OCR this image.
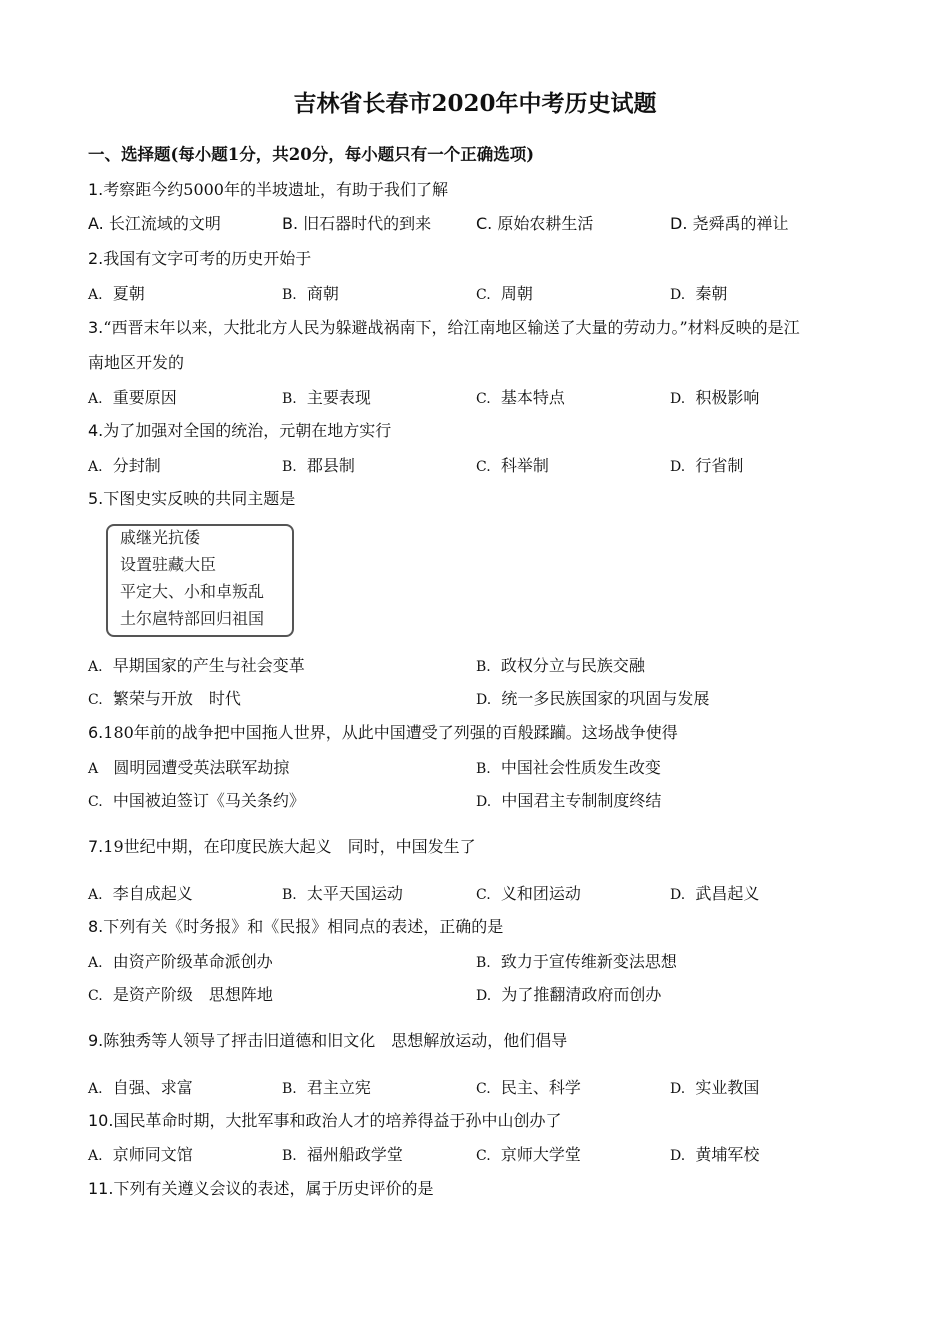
吉林省长春市2020年中考历史试题
一、选择题(每小题1分，共20分，每小题只有一个正确选项)
1.考察距今约5000年的半坡遗址，有助于我们了解
A. 长江流域的文明	B. 旧石器时代的到来	C. 原始农耕生活	D. 尧舜禹的禅让
2.我国有文字可考的历史开始于
A. 夏朝	B. 商朝	C. 周朝	D. 秦朝
3.“西晋末年以来，大批北方人民为躲避战祸南下，给江南地区输送了大量的劳动力。”材料反映的是江
南地区开发的
A. 重要原因	B. 主要表现	C. 基本特点	D. 积极影响
4.为了加强对全国的统治，元朝在地方实行
A. 分封制	B. 郡县制	C. 科举制	D. 行省制
5.下图史实反映的共同主题是
戚继光抗倭
设置驻藏大臣
平定大、小和卓叛乱
土尔扈特部回归祖国
A. 早期国家的产生与社会变革	B. 政权分立与民族交融
C. 繁荣与开放　时代	D. 统一多民族国家的巩固与发展
6.180年前的战争把中国拖人世界，从此中国遭受了列强的百般蹂躏。这场战争使得
A 圆明园遭受英法联军劫掠	B. 中国社会性质发生改变
C. 中国被迫签订《马关条约》	D. 中国君主专制制度终结
7.19世纪中期，在印度民族大起义　同时，中国发生了
A. 李自成起义	B. 太平天国运动	C. 义和团运动	D. 武昌起义
8.下列有关《时务报》和《民报》相同点的表述，正确的是
A. 由资产阶级革命派创办	B. 致力于宣传维新变法思想
C. 是资产阶级　思想阵地	D. 为了推翻清政府而创办
9.陈独秀等人领导了抨击旧道德和旧文化　思想解放运动，他们倡导
A. 自强、求富	B. 君主立宪	C. 民主、科学	D. 实业教国
10.国民革命时期，大批军事和政治人才的培养得益于孙中山创办了
A. 京师同文馆	B. 福州船政学堂	C. 京师大学堂	D. 黄埔军校
11.下列有关遵义会议的表述，属于历史评价的是
